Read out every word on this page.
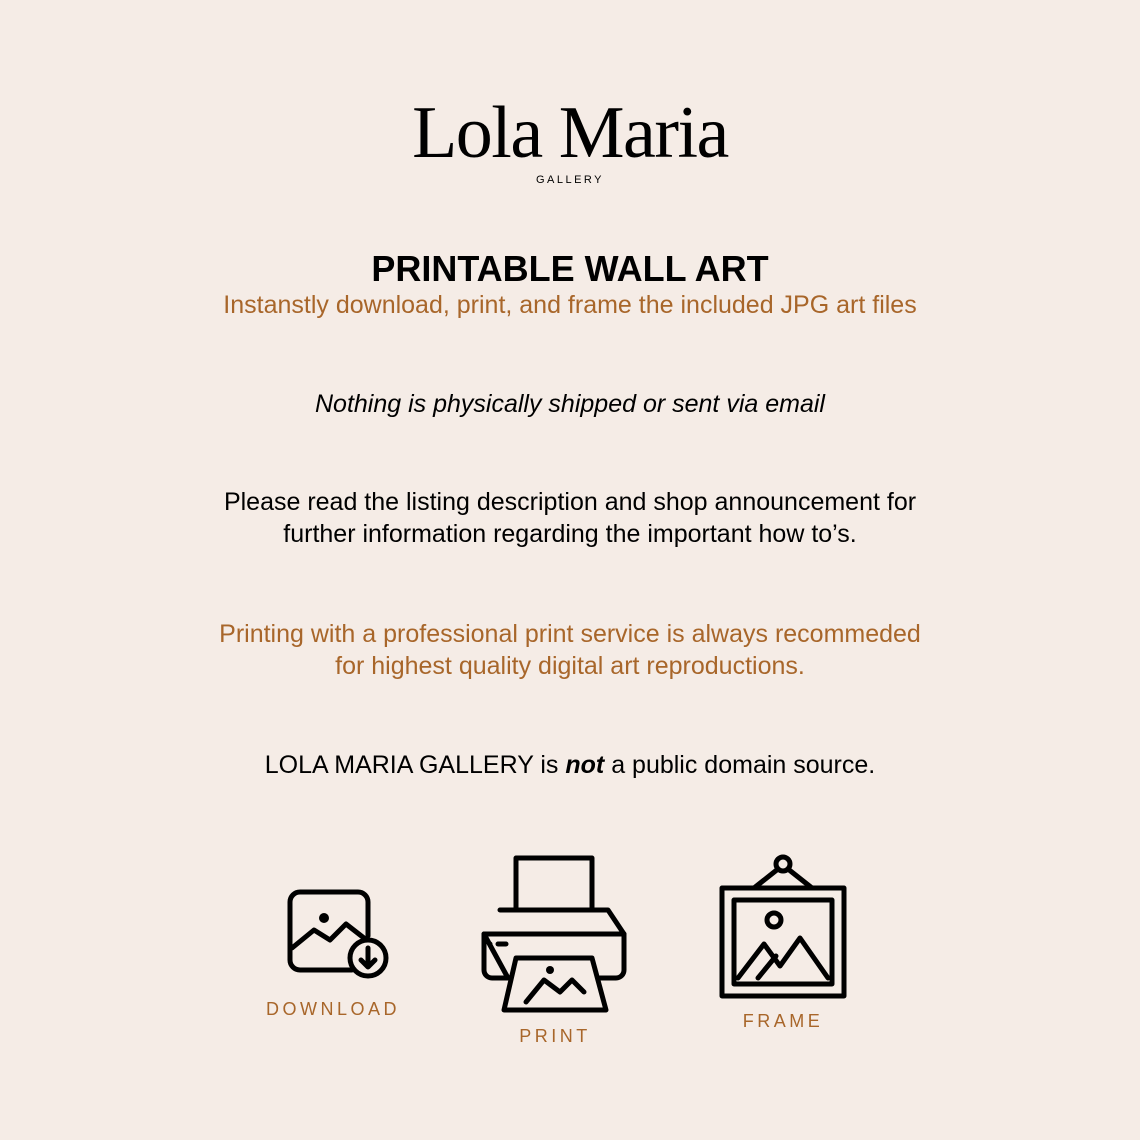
Lola Maria
GALLERY
PRINTABLE WALL ART
Instanstly download, print, and frame the included JPG art files
Nothing is physically shipped or sent via email
Please read the listing description and shop announcement for
further information regarding the important how to’s.
Printing with a professional print service is always recommeded
for highest quality digital art reproductions.
LOLA MARIA GALLERY is not a public domain source.
DOWNLOAD
PRINT
FRAME
